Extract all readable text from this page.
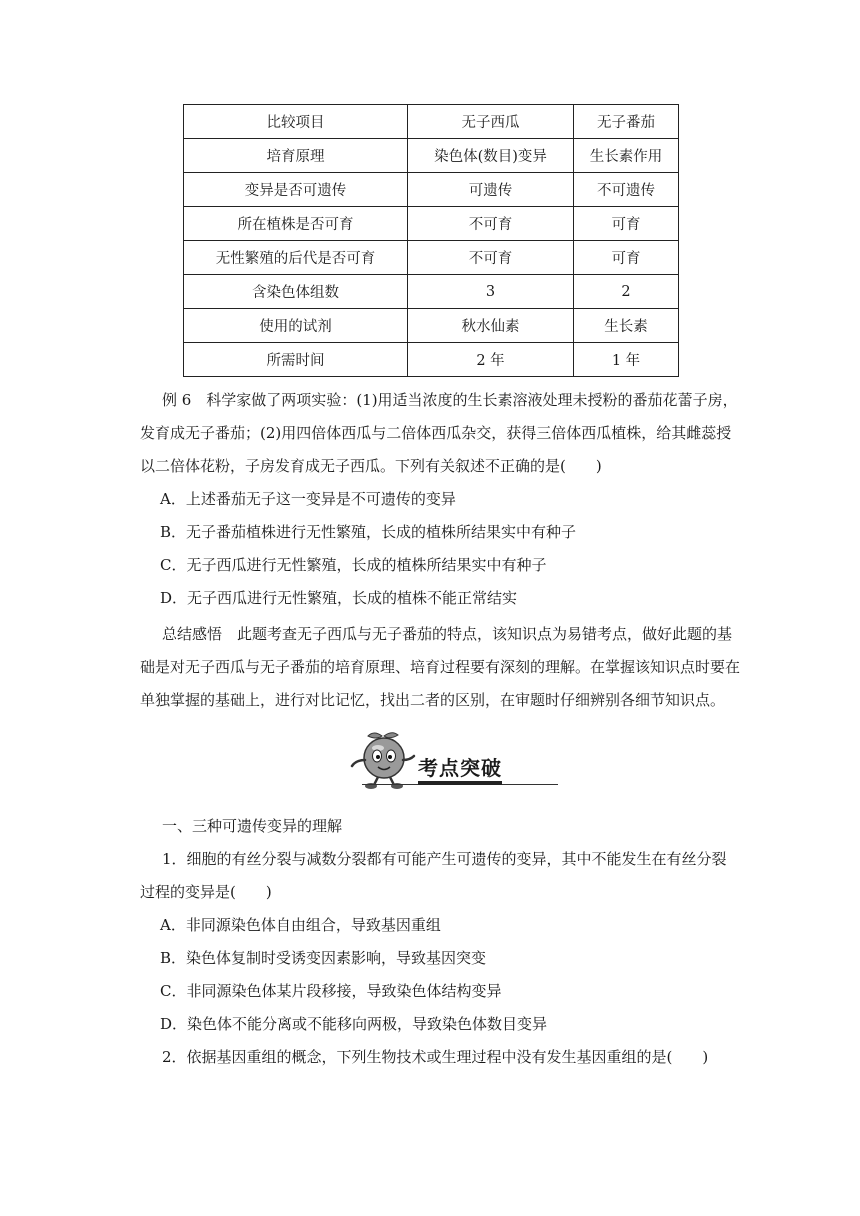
比较项目	无子西瓜	无子番茄
培育原理	染色体(数目)变异	生长素作用
变异是否可遗传	可遗传	不可遗传
所在植株是否可育	不可育	可育
无性繁殖的后代是否可育	不可育	可育
含染色体组数	3	2
使用的试剂	秋水仙素	生长素
所需时间	2 年	1 年
例 6　科学家做了两项实验：(1)用适当浓度的生长素溶液处理未授粉的番茄花蕾子房，
发育成无子番茄；(2)用四倍体西瓜与二倍体西瓜杂交，获得三倍体西瓜植株，给其雌蕊授
以二倍体花粉，子房发育成无子西瓜。下列有关叙述不正确的是(　　)
A．上述番茄无子这一变异是不可遗传的变异
B．无子番茄植株进行无性繁殖，长成的植株所结果实中有种子
C．无子西瓜进行无性繁殖，长成的植株所结果实中有种子
D．无子西瓜进行无性繁殖，长成的植株不能正常结实
总结感悟　此题考查无子西瓜与无子番茄的特点，该知识点为易错考点，做好此题的基
础是对无子西瓜与无子番茄的培育原理、培育过程要有深刻的理解。在掌握该知识点时要在
单独掌握的基础上，进行对比记忆，找出二者的区别，在审题时仔细辨别各细节知识点。
考点突破
一、三种可遗传变异的理解
1．细胞的有丝分裂与减数分裂都有可能产生可遗传的变异，其中不能发生在有丝分裂
过程的变异是(　　)
A．非同源染色体自由组合，导致基因重组
B．染色体复制时受诱变因素影响，导致基因突变
C．非同源染色体某片段移接，导致染色体结构变异
D．染色体不能分离或不能移向两极，导致染色体数目变异
2．依据基因重组的概念，下列生物技术或生理过程中没有发生基因重组的是(　　)
